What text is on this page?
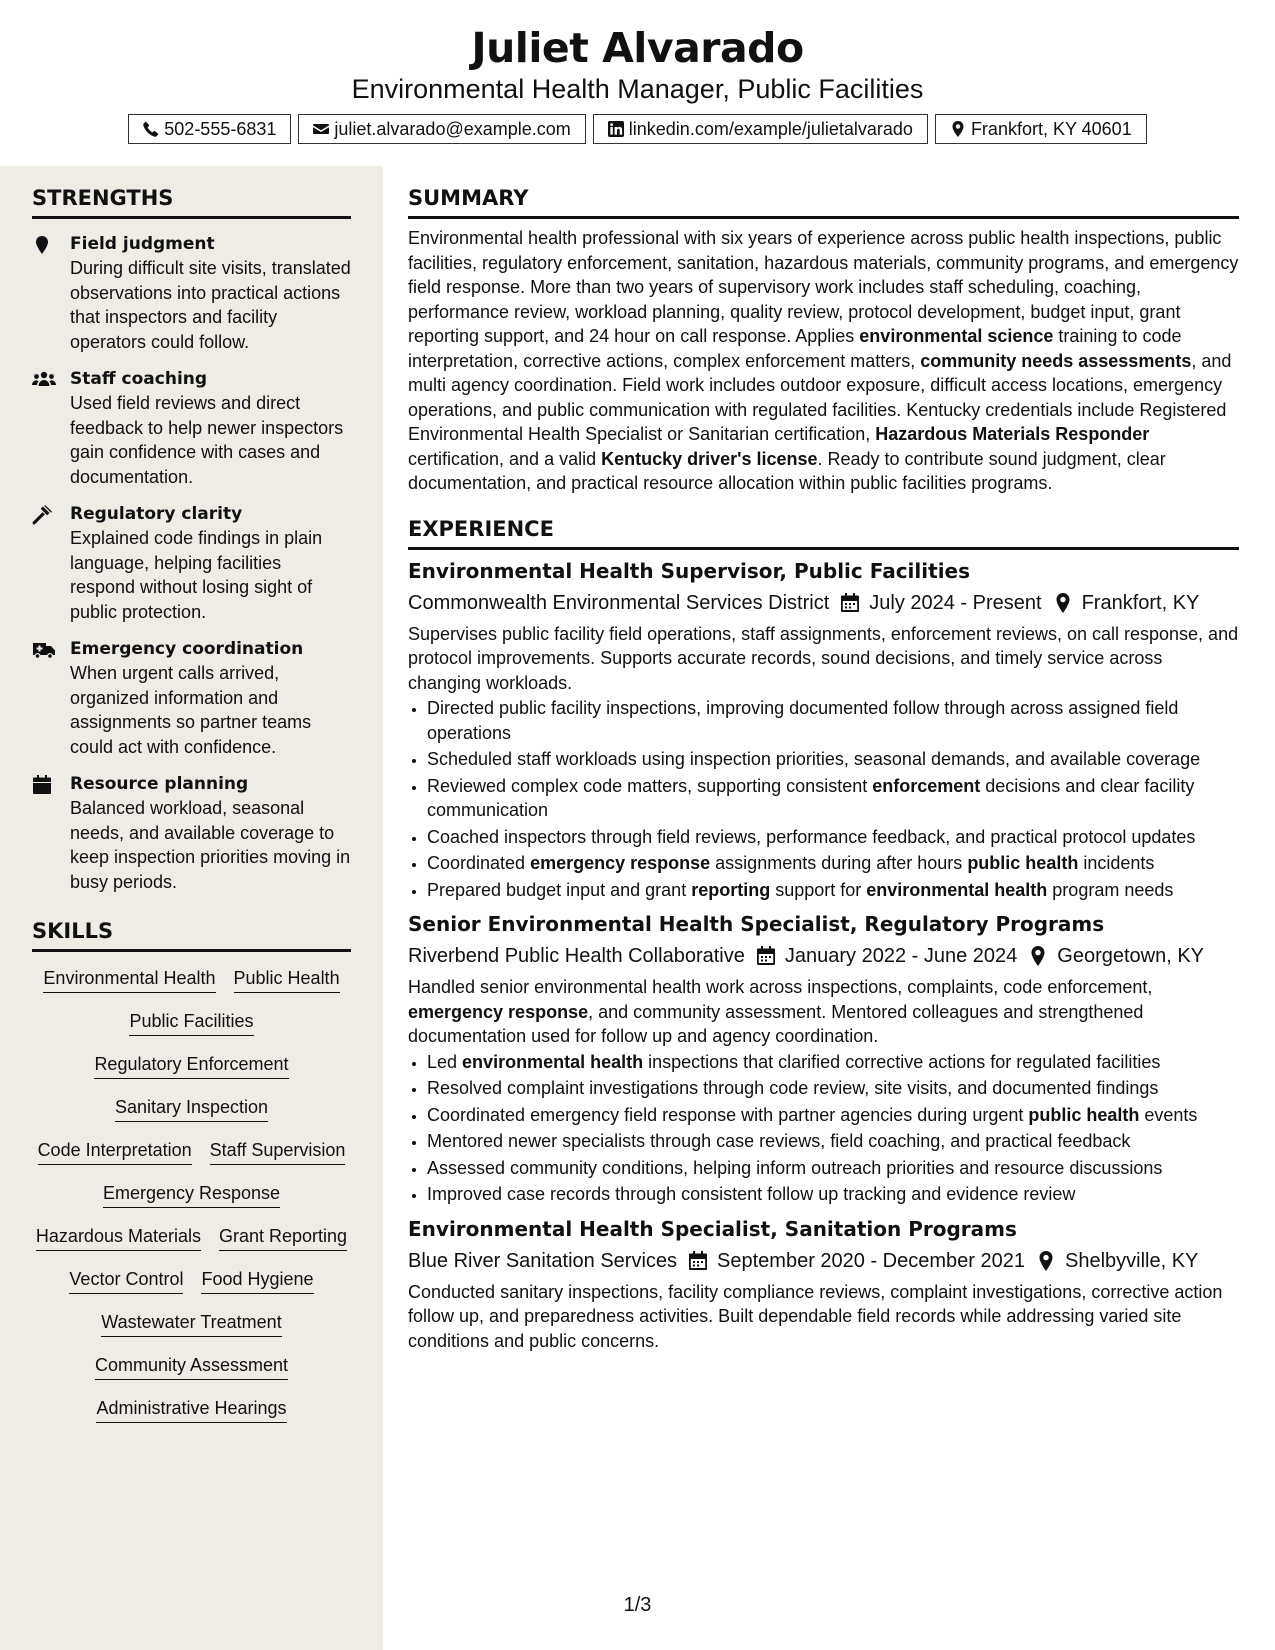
Juliet Alvarado
Environmental Health Manager, Public Facilities
502-555-6831	juliet.alvarado@example.com	linkedin.com/example/julietalvarado	Frankfort, KY 40601
STRENGTHS
Field judgment
During difficult site visits, translated observations into practical actions that inspectors and facility operators could follow.
Staff coaching
Used field reviews and direct feedback to help newer inspectors gain confidence with cases and documentation.
Regulatory clarity
Explained code findings in plain language, helping facilities respond without losing sight of public protection.
Emergency coordination
When urgent calls arrived, organized information and assignments so partner teams could act with confidence.
Resource planning
Balanced workload, seasonal needs, and available coverage to keep inspection priorities moving in busy periods.
SKILLS
Environmental Health Public Health
Public Facilities
Regulatory Enforcement
Sanitary Inspection
Code Interpretation Staff Supervision
Emergency Response
Hazardous Materials Grant Reporting
Vector Control Food Hygiene
Wastewater Treatment
Community Assessment
Administrative Hearings
SUMMARY

Environmental health professional with six years of experience across public health inspections, public facilities, regulatory enforcement, sanitation, hazardous materials, community programs, and emergency field response. More than two years of supervisory work includes staff scheduling, coaching, performance review, workload planning, quality review, protocol development, budget input, grant reporting support, and 24 hour on call response. Applies environmental science training to code interpretation, corrective actions, complex enforcement matters, community needs assessments, and multi agency coordination. Field work includes outdoor exposure, difficult access locations, emergency operations, and public communication with regulated facilities. Kentucky credentials include Registered Environmental Health Specialist or Sanitarian certification, Hazardous Materials Responder certification, and a valid Kentucky driver's license. Ready to contribute sound judgment, clear documentation, and practical resource allocation within public facilities programs.

EXPERIENCE
Environmental Health Supervisor, Public Facilities
Commonwealth Environmental Services District July 2024 - Present Frankfort, KY

Supervises public facility field operations, staff assignments, enforcement reviews, on call response, and protocol improvements. Supports accurate records, sound decisions, and timely service across changing workloads.

• Directed public facility inspections, improving documented follow through across assigned field operations
• Scheduled staff workloads using inspection priorities, seasonal demands, and available coverage
• Reviewed complex code matters, supporting consistent enforcement decisions and clear facility communication
• Coached inspectors through field reviews, performance feedback, and practical protocol updates
• Coordinated emergency response assignments during after hours public health incidents
• Prepared budget input and grant reporting support for environmental health program needs
Senior Environmental Health Specialist, Regulatory Programs
Riverbend Public Health Collaborative January 2022 - June 2024 Georgetown, KY

Handled senior environmental health work across inspections, complaints, code enforcement, emergency response, and community assessment. Mentored colleagues and strengthened documentation used for follow up and agency coordination.

• Led environmental health inspections that clarified corrective actions for regulated facilities
• Resolved complaint investigations through code review, site visits, and documented findings
• Coordinated emergency field response with partner agencies during urgent public health events
• Mentored newer specialists through case reviews, field coaching, and practical feedback
• Assessed community conditions, helping inform outreach priorities and resource discussions
• Improved case records through consistent follow up tracking and evidence review
Environmental Health Specialist, Sanitation Programs
Blue River Sanitation Services September 2020 - December 2021 Shelbyville, KY

Conducted sanitary inspections, facility compliance reviews, complaint investigations, corrective action follow up, and preparedness activities. Built dependable field records while addressing varied site conditions and public concerns.

1/3
